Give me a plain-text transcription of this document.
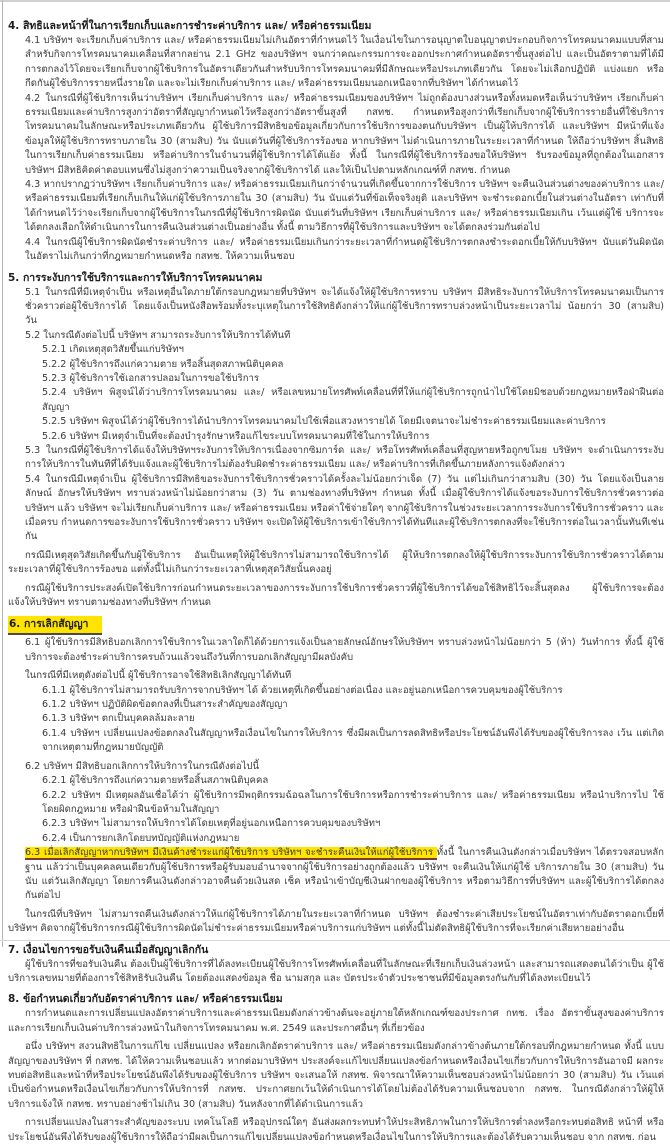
4. สิทธิและหน้าที่ในการเรียกเก็บและการชำระค่าบริการ และ/ หรือค่าธรรมเนียม
4.1 บริษัทฯ จะเรียกเก็บค่าบริการ และ/ หรือค่าธรรมเนียมไม่เกินอัตราที่กำหนดไว้ ในเงื่อนไขในการอนุญาตใบอนุญาตประกอบกิจการโทรคมนาคมแบบที่สาม สำหรับกิจการโทรคมนาคมเคลื่อนที่สากลย่าน 2.1 GHz ของบริษัทฯ จนกว่าคณะกรรมการจะออกประกาศกำหนดอัตราขั้นสูงต่อไป และเป็นอัตราตามที่ได้มี การตกลงไว้โดยจะเรียกเก็บจากผู้ใช้บริการในอัตราเดียวกันสำหรับบริการโทรคมนาคมที่มีลักษณะหรือประเภทเดียวกัน โดยจะไม่เลือกปฏิบัติ แบ่งแยก หรือ กีดกันผู้ใช้บริการรายหนึ่งรายใด และจะไม่เรียกเก็บค่าบริการ และ/ หรือค่าธรรมเนียมนอกเหนือจากที่บริษัทฯ ได้กำหนดไว้
4.2 ในกรณีที่ผู้ใช้บริการเห็นว่าบริษัทฯ เรียกเก็บค่าบริการ และ/ หรือค่าธรรมเนียมของบริษัทฯ ไม่ถูกต้องบางส่วนหรือทั้งหมดหรือเห็นว่าบริษัทฯ เรียกเก็บค่าธรรมเนียมและค่าบริการสูงกว่าอัตราที่สัญญากำหนดไว้หรือสูงกว่าอัตราขั้นสูงที่ กสทช. กำหนดหรือสูงกว่าที่เรียกเก็บจากผู้ใช้บริการรายอื่นที่ใช้บริการ โทรคมนาคมในลักษณะหรือประเภทเดียวกัน ผู้ใช้บริการมีสิทธิขอข้อมูลเกี่ยวกับการใช้บริการของตนกับบริษัทฯ เป็นผู้ให้บริการได้ และบริษัทฯ มีหน้าที่แจ้ง ข้อมูลให้ผู้ใช้บริการทราบภายใน 30 (สามสิบ) วัน นับแต่วันที่ผู้ใช้บริการร้องขอ หากบริษัทฯ ไม่ดำเนินการภายในระยะเวลาที่กำหนด ให้ถือว่าบริษัทฯ สิ้นสิทธิ ในการเรียกเก็บค่าธรรมเนียม หรือค่าบริการในจำนวนที่ผู้ใช้บริการได้โต้แย้ง ทั้งนี้ ในกรณีที่ผู้ใช้บริการร้องขอให้บริษัทฯ รับรองข้อมูลที่ถูกต้องในเอกสาร บริษัทฯ มีสิทธิคิดค่าตอบแทนซึ่งไม่สูงกว่าความเป็นจริงจากผู้ใช้บริการได้ และให้เป็นไปตามหลักเกณฑ์ที่ กสทช. กำหนด
4.3 หากปรากฏว่าบริษัทฯ เรียกเก็บค่าบริการ และ/ หรือค่าธรรมเนียมเกินกว่าจำนวนที่เกิดขึ้นจากการใช้บริการ บริษัทฯ จะคืนเงินส่วนต่างของค่าบริการ และ/ หรือค่าธรรมเนียมที่เรียกเก็บเกินให้แก่ผู้ใช้บริการภายใน 30 (สามสิบ) วัน นับแต่วันที่ข้อเท็จจริงยุติ และบริษัทฯ จะชำระดอกเบี้ยในส่วนต่างในอัตรา เท่ากับที่ได้กำหนดไว้ว่าจะเรียกเก็บจากผู้ใช้บริการในกรณีที่ผู้ใช้บริการผิดนัด นับแต่วันที่บริษัทฯ เรียกเก็บค่าบริการ และ/ หรือค่าธรรมเนียมเกิน เว้นแต่ผู้ใช้ บริการจะได้ตกลงเลือกให้ดำเนินการในการคืนเงินส่วนต่างเป็นอย่างอื่น ทั้งนี้ ตามวิธีการที่ผู้ใช้บริการและบริษัทฯ จะได้ตกลงร่วมกันต่อไป
4.4 ในกรณีผู้ใช้บริการผิดนัดชำระค่าบริการ และ/ หรือค่าธรรมเนียมเกินกว่าระยะเวลาที่กำหนดผู้ใช้บริการตกลงชำระดอกเบี้ยให้กับบริษัทฯ นับแต่วันผิดนัด ในอัตราไม่เกินกว่าที่กฎหมายกำหนดหรือ กสทช. ให้ความเห็นชอบ
5. การระงับการใช้บริการและการให้บริการโทรคมนาคม
5.1 ในกรณีที่มีเหตุจำเป็น หรือเหตุอื่นใดภายใต้กรอบกฎหมายที่บริษัทฯ จะได้แจ้งให้ผู้ใช้บริการทราบ บริษัทฯ มีสิทธิระงับการให้บริการโทรคมนาคมเป็นการ ชั่วคราวต่อผู้ใช้บริการได้ โดยแจ้งเป็นหนังสือพร้อมทั้งระบุเหตุในการใช้สิทธิดังกล่าวให้แก่ผู้ใช้บริการทราบล่วงหน้าเป็นระยะเวลาไม่ น้อยกว่า 30 (สามสิบ) วัน
5.2 ในกรณีดังต่อไปนี้ บริษัทฯ สามารถระงับการให้บริการได้ทันที
5.2.1 เกิดเหตุสุดวิสัยขึ้นแก่บริษัทฯ
5.2.2 ผู้ใช้บริการถึงแก่ความตาย หรือสิ้นสุดสภาพนิติบุคคล
5.2.3 ผู้ใช้บริการใช้เอกสารปลอมในการขอใช้บริการ
5.2.4 บริษัทฯ พิสูจน์ได้ว่าบริการโทรคมนาคม และ/ หรือเลขหมายโทรศัพท์เคลื่อนที่ที่ให้แก่ผู้ใช้บริการถูกนำไปใช้โดยมิชอบด้วยกฎหมายหรือฝ่าฝืนต่อ สัญญา
5.2.5 บริษัทฯ พิสูจน์ได้ว่าผู้ใช้บริการได้นำบริการโทรคมนาคมไปใช้เพื่อแสวงหารายได้ โดยมีเจตนาจะไม่ชำระค่าธรรมเนียมและค่าบริการ
5.2.6 บริษัทฯ มีเหตุจำเป็นที่จะต้องบำรุงรักษาหรือแก้ไขระบบโทรคมนาคมที่ใช้ในการให้บริการ
5.3 ในกรณีที่ผู้ใช้บริการได้แจ้งให้บริษัทฯระงับการให้บริการเนื่องจากซิมการ์ด และ/ หรือโทรศัพท์เคลื่อนที่สูญหายหรือถูกขโมย บริษัทฯ จะดำเนินการระงับ การให้บริการในทันทีที่ได้รับแจ้งและผู้ใช้บริการไม่ต้องรับผิดชำระค่าธรรมเนียม และ/ หรือค่าบริการที่เกิดขึ้นภายหลังการแจ้งดังกล่าว
5.4 ในกรณีมีเหตุจำเป็น ผู้ใช้บริการมีสิทธิขอระงับการใช้บริการชั่วคราวได้ครั้งละไม่น้อยกว่าเจ็ด (7) วัน แต่ไม่เกินกว่าสามสิบ (30) วัน โดยแจ้งเป็นลายลักษณ์ อักษรให้บริษัทฯ ทราบล่วงหน้าไม่น้อยกว่าสาม (3) วัน ตามช่องทางที่บริษัทฯ กำหนด ทั้งนี้ เมื่อผู้ใช้บริการได้แจ้งขอระงับการใช้บริการชั่วคราวต่อบริษัทฯ แล้ว บริษัทฯ จะไม่เรียกเก็บค่าบริการ และ/ หรือค่าธรรมเนียม หรือค่าใช้จ่ายใดๆ จากผู้ใช้บริการในช่วงระยะเวลาการระงับการใช้บริการชั่วคราว และเมื่อครบ กำหนดการขอระงับการใช้บริการชั่วคราว บริษัทฯ จะเปิดให้ผู้ใช้บริการเข้าใช้บริการได้ทันทีและผู้ใช้บริการตกลงที่จะใช้บริการต่อในเวลานั้นทันทีเช่นกัน
กรณีมีเหตุสุดวิสัยเกิดขึ้นกับผู้ใช้บริการ อันเป็นเหตุให้ผู้ใช้บริการไม่สามารถใช้บริการได้ ผู้ให้บริการตกลงให้ผู้ใช้บริการระงับการใช้บริการชั่วคราวได้ตาม ระยะเวลาที่ผู้ใช้บริการร้องขอ แต่ทั้งนี้ไม่เกินกว่าระยะเวลาที่เหตุสุดวิสัยนั้นคงอยู่
กรณีผู้ใช้บริการประสงค์เปิดใช้บริการก่อนกำหนดระยะเวลาของการระงับการใช้บริการชั่วคราวที่ผู้ใช้บริการได้ขอใช้สิทธิไว้จะสิ้นสุดลง ผู้ใช้บริการจะต้อง แจ้งให้บริษัทฯ ทราบตามช่องทางที่บริษัทฯ กำหนด
6. การเลิกสัญญา
6.1 ผู้ใช้บริการมีสิทธิบอกเลิกการใช้บริการในเวลาใดก็ได้ด้วยการแจ้งเป็นลายลักษณ์อักษรให้บริษัทฯ ทราบล่วงหน้าไม่น้อยกว่า 5 (ห้า) วันทำการ ทั้งนี้ ผู้ใช้ บริการจะต้องชำระค่าบริการครบถ้วนแล้วจนถึงวันที่การบอกเลิกสัญญามีผลบังคับ
ในกรณีที่มีเหตุดังต่อไปนี้ ผู้ใช้บริการอาจใช้สิทธิเลิกสัญญาได้ทันที
6.1.1 ผู้ใช้บริการไม่สามารถรับบริการจากบริษัทฯ ได้ ด้วยเหตุที่เกิดขึ้นอย่างต่อเนื่อง และอยู่นอกเหนือการควบคุมของผู้ใช้บริการ
6.1.2 บริษัทฯ ปฏิบัติผิดข้อตกลงที่เป็นสาระสำคัญของสัญญา
6.1.3 บริษัทฯ ตกเป็นบุคคลล้มละลาย
6.1.4 บริษัทฯ เปลี่ยนแปลงข้อตกลงในสัญญาหรือเงื่อนไขในการให้บริการ ซึ่งมีผลเป็นการลดสิทธิหรือประโยชน์อันพึงได้รับของผู้ใช้บริการลง เว้น แต่เกิดจากเหตุตามที่กฎหมายบัญญัติ
6.2 บริษัทฯ มีสิทธิบอกเลิกการให้บริการในกรณีดังต่อไปนี้
6.2.1 ผู้ใช้บริการถึงแก่ความตายหรือสิ้นสภาพนิติบุคคล
6.2.2 บริษัทฯ มีเหตุผลอันเชื่อได้ว่า ผู้ใช้บริการมีพฤติกรรมฉ้อฉลในการใช้บริการหรือการชำระค่าบริการ และ/ หรือค่าธรรมเนียม หรือนำบริการไป ใช้โดยผิดกฎหมาย หรือฝ่าฝืนข้อห้ามในสัญญา
6.2.3 บริษัทฯ ไม่สามารถให้บริการได้โดยเหตุที่อยู่นอกเหนือการควบคุมของบริษัทฯ
6.2.4 เป็นการยกเลิกโดยบทบัญญัติแห่งกฎหมาย
6.3 เมื่อเลิกสัญญาหากบริษัทฯ มีเงินค้างชำระแก่ผู้ใช้บริการ บริษัทฯ จะชำระคืนเงินให้แก่ผู้ใช้บริการ ทั้งนี้ ในการคืนเงินดังกล่าวเมื่อบริษัทฯ ได้ตรวจสอบหลักฐาน แล้วว่าเป็นบุคคลคนเดียวกับผู้ใช้บริการหรือผู้รับมอบอำนาจจากผู้ใช้บริการอย่างถูกต้องแล้ว บริษัทฯ จะคืนเงินให้แก่ผู้ใช้ บริการภายใน 30 (สามสิบ) วัน นับ แต่วันเลิกสัญญา โดยการคืนเงินดังกล่าวอาจคืนด้วยเงินสด เช็ค หรือนำเข้าบัญชีเงินฝากของผู้ใช้บริการ หรือตามวิธีการที่บริษัทฯ และผู้ใช้บริการได้ตกลง กันต่อไป
ในกรณีที่บริษัทฯ ไม่สามารถคืนเงินดังกล่าวให้แก่ผู้ใช้บริการได้ภายในระยะเวลาที่กำหนด บริษัทฯ ต้องชำระค่าเสียประโยชน์ในอัตราเท่ากับอัตราดอกเบี้ยที่ บริษัทฯ คิดจากผู้ใช้บริการกรณีผู้ใช้บริการผิดนัดไม่ชำระค่าธรรมเนียมหรือค่าบริการแก่บริษัทฯ แต่ทั้งนี้ไม่ตัดสิทธิผู้ใช้บริการที่จะเรียกค่าเสียหายอย่างอื่น
7. เงื่อนไขการขอรับเงินคืนเมื่อสัญญาเลิกกัน
ผู้ใช้บริการที่ขอรับเงินคืน ต้องเป็นผู้ใช้บริการที่ได้ลงทะเบียนผู้ใช้บริการโทรศัพท์เคลื่อนที่ในลักษณะที่เรียกเก็บเงินล่วงหน้า และสามารถแสดงตนได้ว่าเป็น ผู้ใช้บริการเลขหมายที่ต้องการใช้สิทธิรับเงินคืน โดยต้องแสดงข้อมูล ชื่อ นามสกุล และ บัตรประจำตัวประชาชนที่มีข้อมูลตรงกันกับที่ได้ลงทะเบียนไว้
8. ข้อกำหนดเกี่ยวกับอัตราค่าบริการ และ/ หรือค่าธรรมเนียม
การกำหนดและการเปลี่ยนแปลงอัตราค่าบริการและค่าธรรมเนียมดังกล่าวข้างต้นจะอยู่ภายใต้หลักเกณฑ์ของประกาศ กทช. เรื่อง อัตราขั้นสูงของค่าบริการ และการเรียกเก็บเงินค่าบริการล่วงหน้าในกิจการโทรคมนาคม พ.ศ. 2549 และประกาศอื่นๆ ที่เกี่ยวข้อง
อนึ่ง บริษัทฯ สงวนสิทธิในการแก้ไข เปลี่ยนแปลง หรือยกเลิกอัตราค่าบริการ และ/ หรือค่าธรรมเนียมดังกล่าวข้างต้นภายใต้กรอบที่กฎหมายกำหนด ทั้งนี้ แบบสัญญาของบริษัทฯ ที่ กสทช. ได้ให้ความเห็นชอบแล้ว หากต่อมาบริษัทฯ ประสงค์จะแก้ไขเปลี่ยนแปลงข้อกำหนดหรือเงื่อนไขเกี่ยวกับการให้บริการอันอาจมี ผลกระทบต่อสิทธิและหน้าที่หรือประโยชน์อันพึงได้รับของผู้ใช้บริการ บริษัทฯ จะเสนอให้ กสทช. พิจารณาให้ความเห็นชอบล่วงหน้าไม่น้อยกว่า 30 (สามสิบ) วัน เว้นแต่เป็นข้อกำหนดหรือเงื่อนไขเกี่ยวกับการให้บริการที่ กสทช. ประกาศยกเว้นให้ดำเนินการได้โดยไม่ต้องได้รับความเห็นชอบจาก กสทช. ในกรณีดังกล่าวให้ผู้ให้ บริการแจ้งให้ กสทช. ทราบอย่างช้าไม่เกิน 30 (สามสิบ) วันหลังจากที่ได้ดำเนินการแล้ว
การเปลี่ยนแปลงในสาระสำคัญของระบบ เทคโนโลยี หรืออุปกรณ์ใดๆ อันส่งผลกระทบทำให้ประสิทธิภาพในการให้บริการต่ำลงหรือกระทบต่อสิทธิ หน้าที่ หรือประโยชน์อันพึงได้รับของผู้ใช้บริการให้ถือว่ามีผลเป็นการแก้ไขเปลี่ยนแปลงข้อกำหนดหรือเงื่อนไขในการให้บริการและต้องได้รับความเห็นชอบ จาก กสทช. ก่อน
